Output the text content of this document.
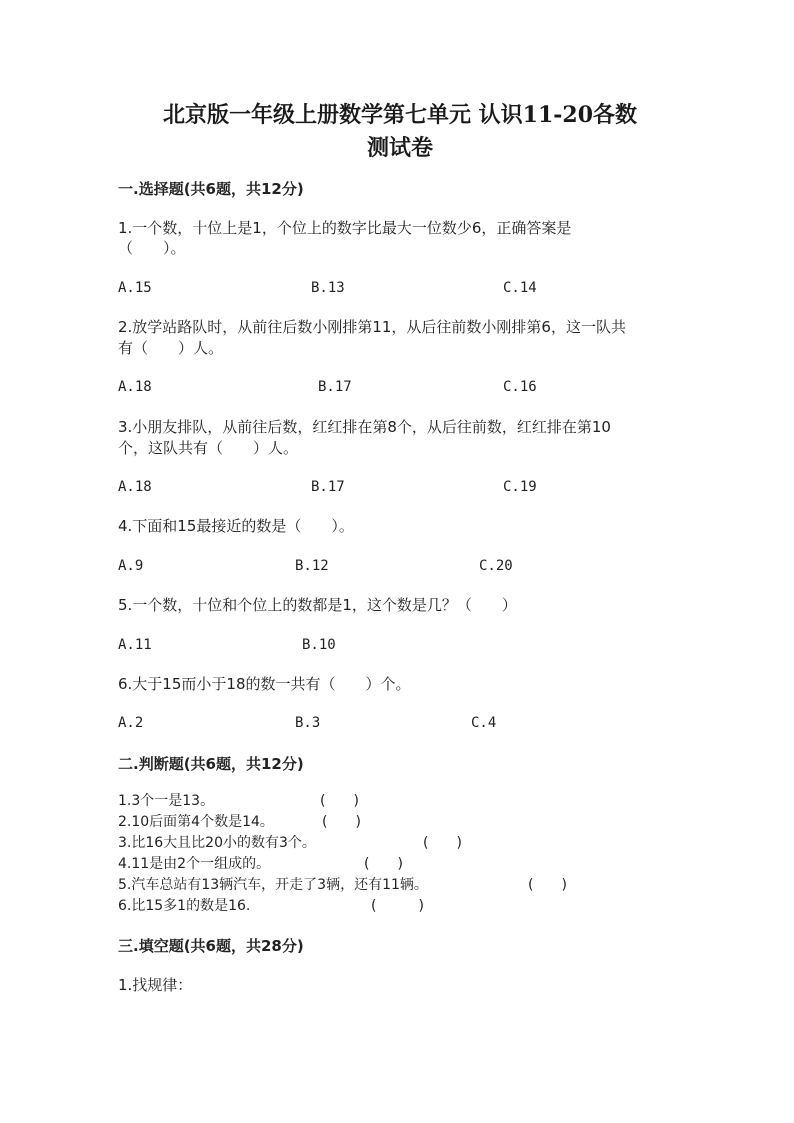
北京版一年级上册数学第七单元 认识11-20各数
测试卷
一.选择题(共6题，共12分)
1.一个数，十位上是1，个位上的数字比最大一位数少6，正确答案是
（　　）。
A.15	B.13	C.14
2.放学站路队时，从前往后数小刚排第11，从后往前数小刚排第6，这一队共
有（　　）人。
A.18	B.17	C.16
3.小朋友排队，从前往后数，红红排在第8个，从后往前数，红红排在第10
个，这队共有（　　）人。
A.18	B.17	C.19
4.下面和15最接近的数是（　　）。
A.9	B.12	C.20
5.一个数，十位和个位上的数都是1，这个数是几？（　　）
A.11	B.10
6.大于15而小于18的数一共有（　　）个。
A.2	B.3	C.4
二.判断题(共6题，共12分)
1.3个一是13。	(　　)
2.10后面第4个数是14。	(　　)
3.比16大且比20小的数有3个。	(　　)
4.11是由2个一组成的。	(　　)
5.汽车总站有13辆汽车，开走了3辆，还有11辆。	(　　)
6.比15多1的数是16.	(　　　)
三.填空题(共6题，共28分)
1.找规律：
